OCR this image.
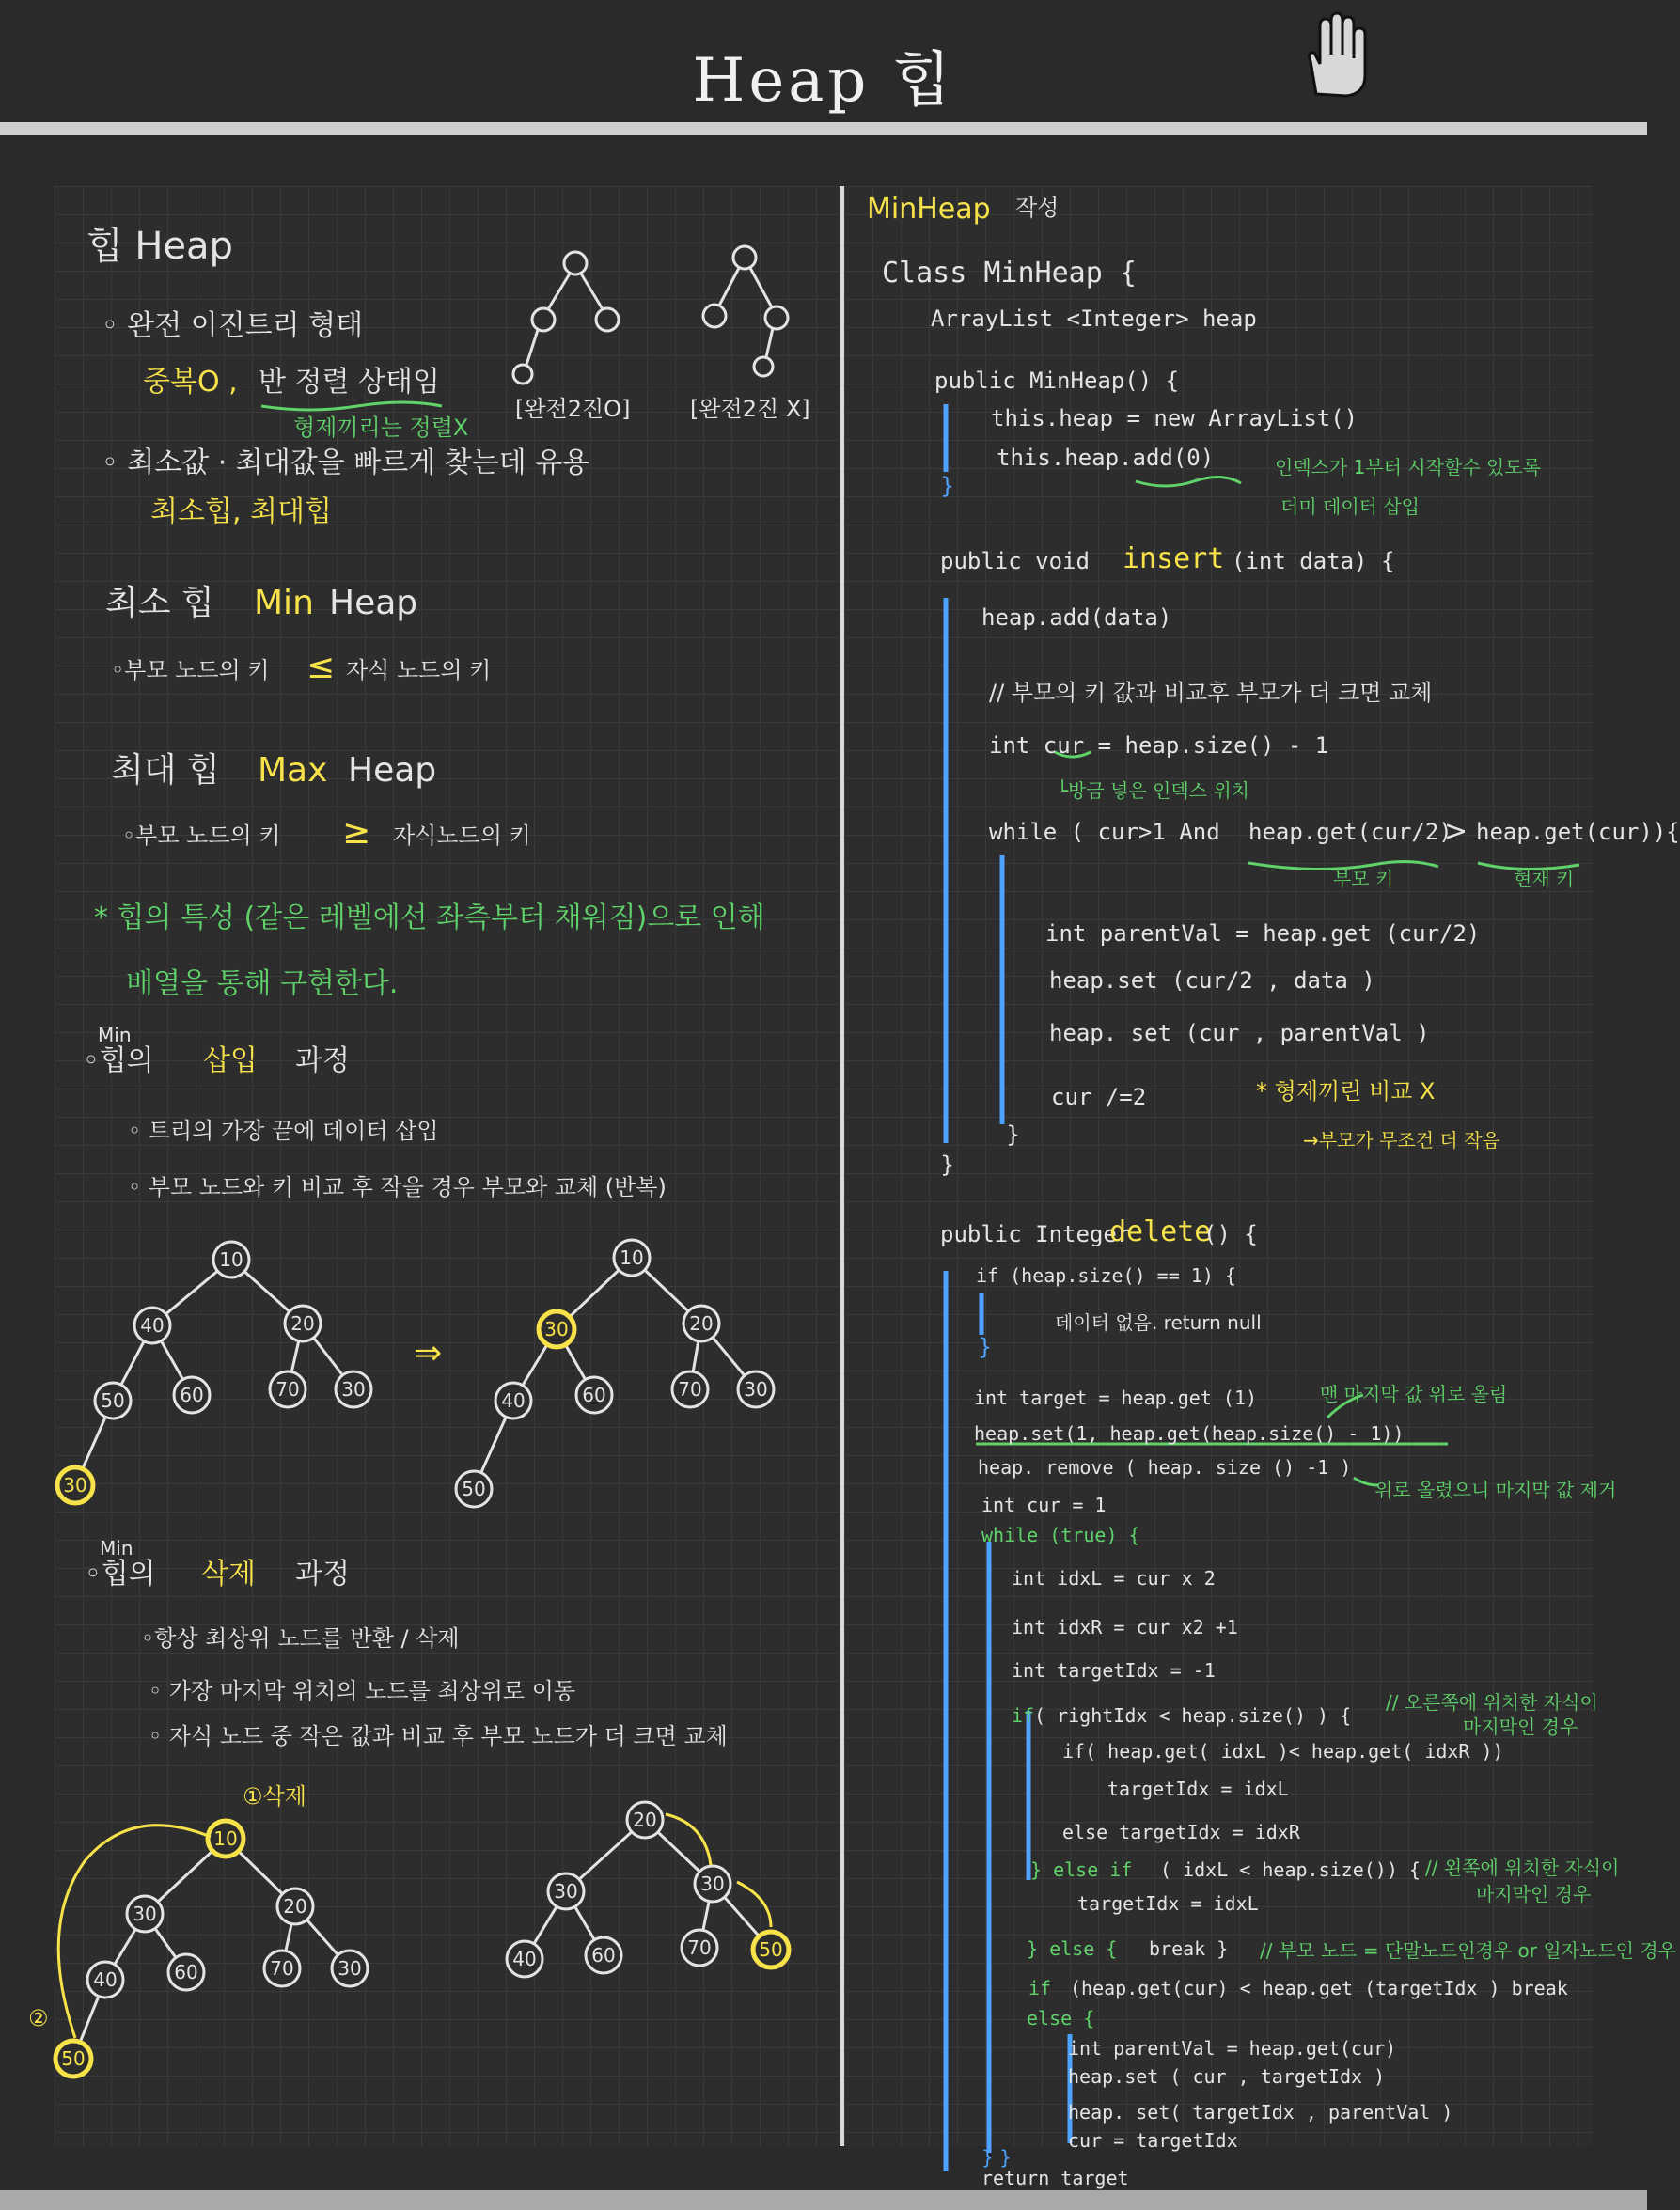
Heap 힙
힙 Heap
◦ 완전 이진트리 형태
중복O , 반 정렬 상태임
형제끼리는 정렬X
[완전2진O]	[완전2진 X]
◦ 최소값 · 최대값을 빠르게 찾는데 유용
최소힙, 최대힙
최소 힙 Min Heap
◦부모 노드의 키 ≤ 자식 노드의 키
최대 힙 Max Heap
◦부모 노드의 키 ≥ 자식노드의 키
* 힙의 특성 (같은 레벨에선 좌측부터 채워짐)으로 인해
배열을 통해 구현한다.
Min
◦힙의 삽입 과정
◦ 트리의 가장 끝에 데이터 삽입
◦ 부모 노드와 키 비교 후 작을 경우 부모와 교체 (반복)
⇒
Min
◦힙의 삭제 과정
◦항상 최상위 노드를 반환 / 삭제
◦ 가장 마지막 위치의 노드를 최상위로 이동
◦ 자식 노드 중 작은 값과 비교 후 부모 노드가 더 크면 교체
①삭제
②
10
40	20
50	60	70 30
30
10
30	20
40	60	70 30
50
10
30	20
40	60	70 30
50
20
30	30
40	60	70	50
MinHeap 작성
Class MinHeap {
ArrayList <Integer> heap
public MinHeap() {
this.heap = new ArrayList()
this.heap.add(0)	인덱스가 1부터 시작할수 있도록
더미 데이터 삽입
}
public void insert (int data) {
heap.add(data)
// 부모의 키 값과 비교후 부모가 더 크면 교체
int cur = heap.size() - 1
└방금 넣은 인덱스 위치
while ( cur>1 And heap.get(cur/2)
> heap.get(cur)){
부모 키	현재 키
int parentVal = heap.get (cur/2)
heap.set (cur/2 , data )
heap. set (cur , parentVal )
cur /=2	* 형제끼린 비교 X
→부모가 무조건 더 작음
}
}
public Integer
delete
() {
if (heap.size() == 1) {
데이터 없음. return null
}
int target = heap.get (1)	맨 마지막 값 위로 올림
heap.set(1, heap.get(heap.size() - 1))
heap. remove ( heap. size () -1 )
위로 올렸으니 마지막 값 제거
int cur = 1
while (true) {
int idxL = cur x 2
int idxR = cur x2 +1
int targetIdx = -1
if ( rightIdx < heap.size() ) {
// 오른쪽에 위치한 자식이
마지막인 경우
if( heap.get( idxL )< heap.get( idxR ))
targetIdx = idxL
else targetIdx = idxR
} else if ( idxL < heap.size()) { // 왼쪽에 위치한 자식이
마지막인 경우
targetIdx = idxL
} else { break } // 부모 노드 = 단말노드인경우 or 일자노드인 경우
if (heap.get(cur) < heap.get (targetIdx ) break
else {
int parentVal = heap.get(cur)
heap.set ( cur , targetIdx )
heap. set( targetIdx , parentVal )
cur = targetIdx
} }
return target
